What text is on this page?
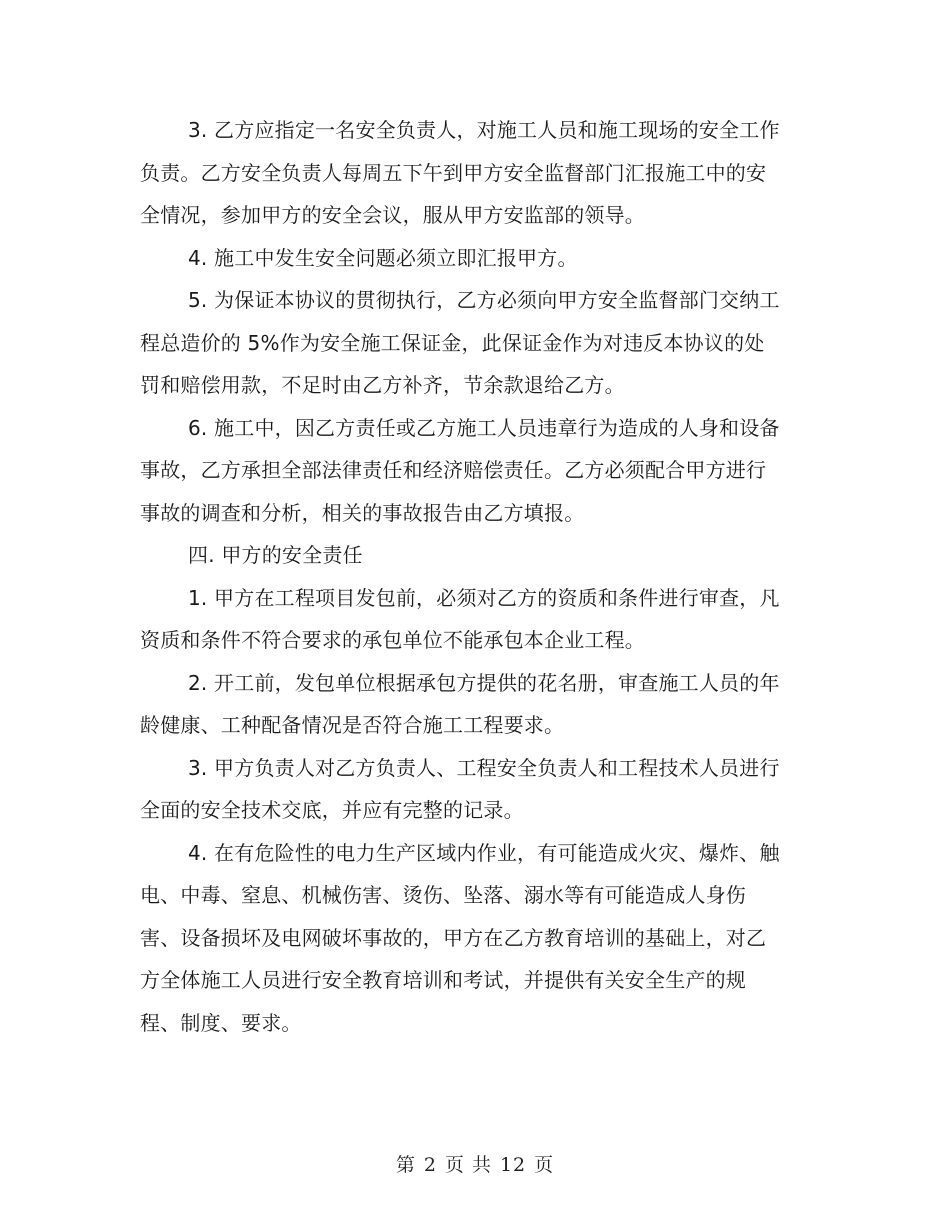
3. 乙方应指定一名安全负责人，对施工人员和施工现场的安全工作负责。乙方安全负责人每周五下午到甲方安全监督部门汇报施工中的安全情况，参加甲方的安全会议，服从甲方安监部的领导。

4. 施工中发生安全问题必须立即汇报甲方。

5. 为保证本协议的贯彻执行，乙方必须向甲方安全监督部门交纳工程总造价的 5%作为安全施工保证金，此保证金作为对违反本协议的处罚和赔偿用款，不足时由乙方补齐，节余款退给乙方。

6. 施工中，因乙方责任或乙方施工人员违章行为造成的人身和设备事故，乙方承担全部法律责任和经济赔偿责任。乙方必须配合甲方进行事故的调查和分析，相关的事故报告由乙方填报。

四. 甲方的安全责任

1. 甲方在工程项目发包前，必须对乙方的资质和条件进行审查，凡资质和条件不符合要求的承包单位不能承包本企业工程。

2. 开工前，发包单位根据承包方提供的花名册，审查施工人员的年龄健康、工种配备情况是否符合施工工程要求。

3. 甲方负责人对乙方负责人、工程安全负责人和工程技术人员进行全面的安全技术交底，并应有完整的记录。

4. 在有危险性的电力生产区域内作业，有可能造成火灾、爆炸、触电、中毒、窒息、机械伤害、烫伤、坠落、溺水等有可能造成人身伤害、设备损坏及电网破坏事故的，甲方在乙方教育培训的基础上，对乙方全体施工人员进行安全教育培训和考试，并提供有关安全生产的规程、制度、要求。

第 2 页 共 12 页
